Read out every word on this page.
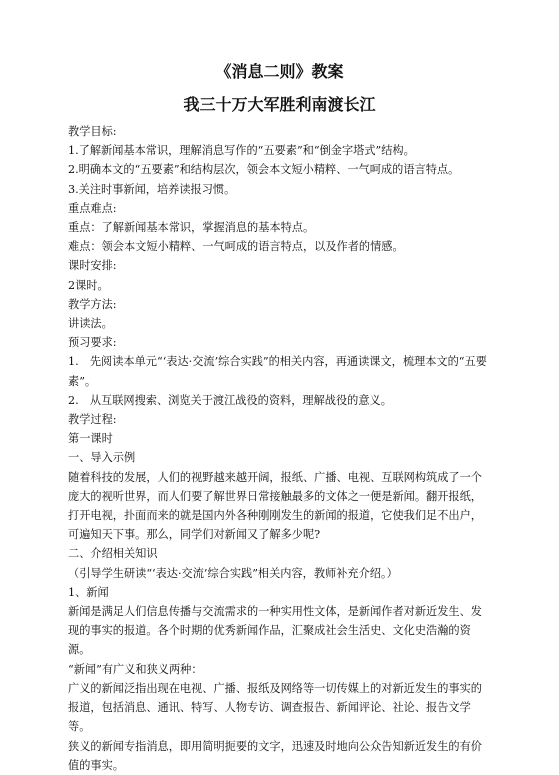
《消息二则》教案
我三十万大军胜利南渡长江

教学目标:

1.了解新闻基本常识，理解消息写作的“五要素”和“倒金字塔式”结构。

2.明确本文的“五要素”和结构层次，领会本文短小精粹、一气呵成的语言特点。

3.关注时事新闻，培养读报习惯。

重点难点:

重点：了解新闻基本常识，掌握消息的基本特点。

难点：领会本文短小精粹、一气呵成的语言特点，以及作者的情感。

课时安排:

2课时。

教学方法:

讲读法。

预习要求:

1.　先阅读本单元“‘表达·交流’综合实践”的相关内容，再通读课文，梳理本文的“五要素”。

2.　从互联网搜索、浏览关于渡江战役的资料，理解战役的意义。

教学过程:

第一课时

一、导入示例

随着科技的发展，人们的视野越来越开阔，报纸、广播、电视、互联网构筑成了一个庞大的视听世界，而人们要了解世界日常接触最多的文体之一便是新闻。翻开报纸，打开电视，扑面而来的就是国内外各种刚刚发生的新闻的报道，它使我们足不出户，可遍知天下事。那么，同学们对新闻又了解多少呢?

二、介绍相关知识

（引导学生研读“‘表达·交流’综合实践”相关内容，教师补充介绍。）

1、新闻

新闻是满足人们信息传播与交流需求的一种实用性文体，是新闻作者对新近发生、发现的事实的报道。各个时期的优秀新闻作品，汇聚成社会生活史、文化史浩瀚的资源。

“新闻”有广义和狭义两种：

广义的新闻泛指出现在电视、广播、报纸及网络等一切传媒上的对新近发生的事实的报道，包括消息、通讯、特写、人物专访、调查报告、新闻评论、社论、报告文学等。

狭义的新闻专指消息，即用简明扼要的文字，迅速及时地向公众告知新近发生的有价值的事实。
